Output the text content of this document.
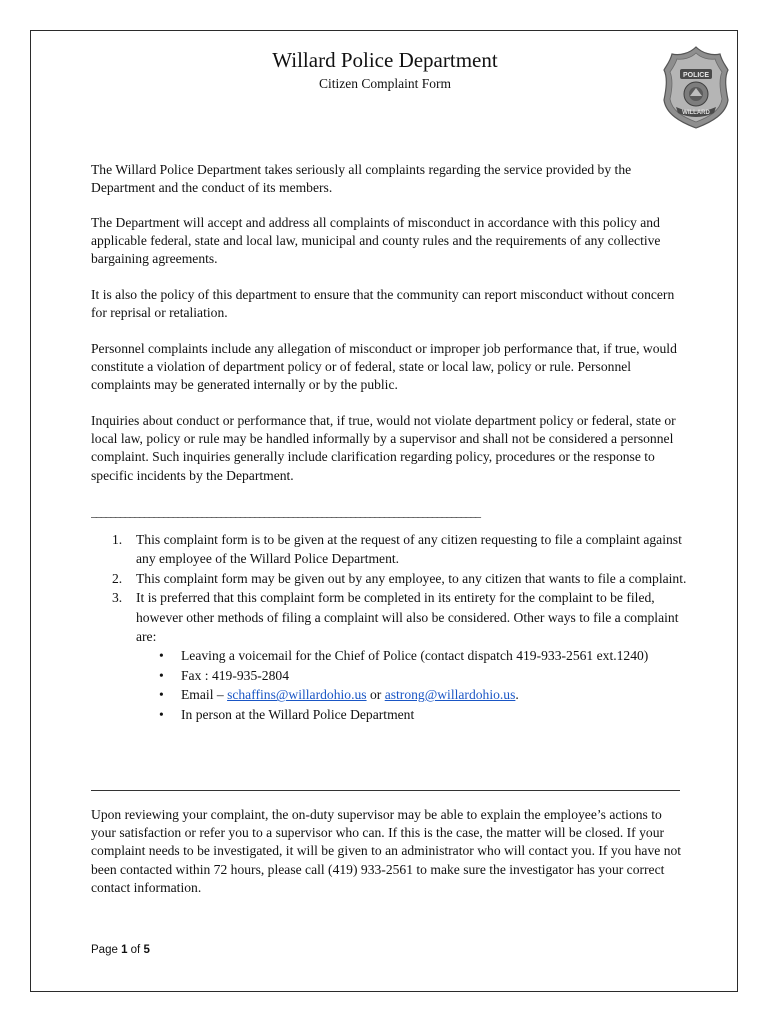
Willard Police Department
Citizen Complaint Form
POLICE
WILLARD
The Willard Police Department takes seriously all complaints regarding the service provided by the Department and the conduct of its members.
The Department will accept and address all complaints of misconduct in accordance with this policy and applicable federal, state and local law, municipal and county rules and the requirements of any collective bargaining agreements.
It is also the policy of this department to ensure that the community can report misconduct without concern for reprisal or retaliation.
Personnel complaints include any allegation of misconduct or improper job performance that, if true, would constitute a violation of department policy or of federal, state or local law, policy or rule. Personnel complaints may be generated internally or by the public.
Inquiries about conduct or performance that, if true, would not violate department policy or federal, state or local law, policy or rule may be handled informally by a supervisor and shall not be considered a personnel complaint. Such inquiries generally include clarification regarding policy, procedures or the response to specific incidents by the Department.
_________________________________________________________________________________
1. This complaint form is to be given at the request of any citizen requesting to file a complaint against any employee of the Willard Police Department.
2. This complaint form may be given out by any employee, to any citizen that wants to file a complaint.
3. It is preferred that this complaint form be completed in its entirety for the complaint to be filed, however other methods of filing a complaint will also be considered. Other ways to file a complaint are:
• Leaving a voicemail for the Chief of Police (contact dispatch 419-933-2561 ext.1240)
• Fax : 419-935-2804
• Email – schaffins@willardohio.us or astrong@willardohio.us.
• In person at the Willard Police Department
Upon reviewing your complaint, the on-duty supervisor may be able to explain the employee’s actions to your satisfaction or refer you to a supervisor who can. If this is the case, the matter will be closed. If your complaint needs to be investigated, it will be given to an administrator who will contact you. If you have not been contacted within 72 hours, please call (419) 933-2561 to make sure the investigator has your correct contact information.
Page 1 of 5
